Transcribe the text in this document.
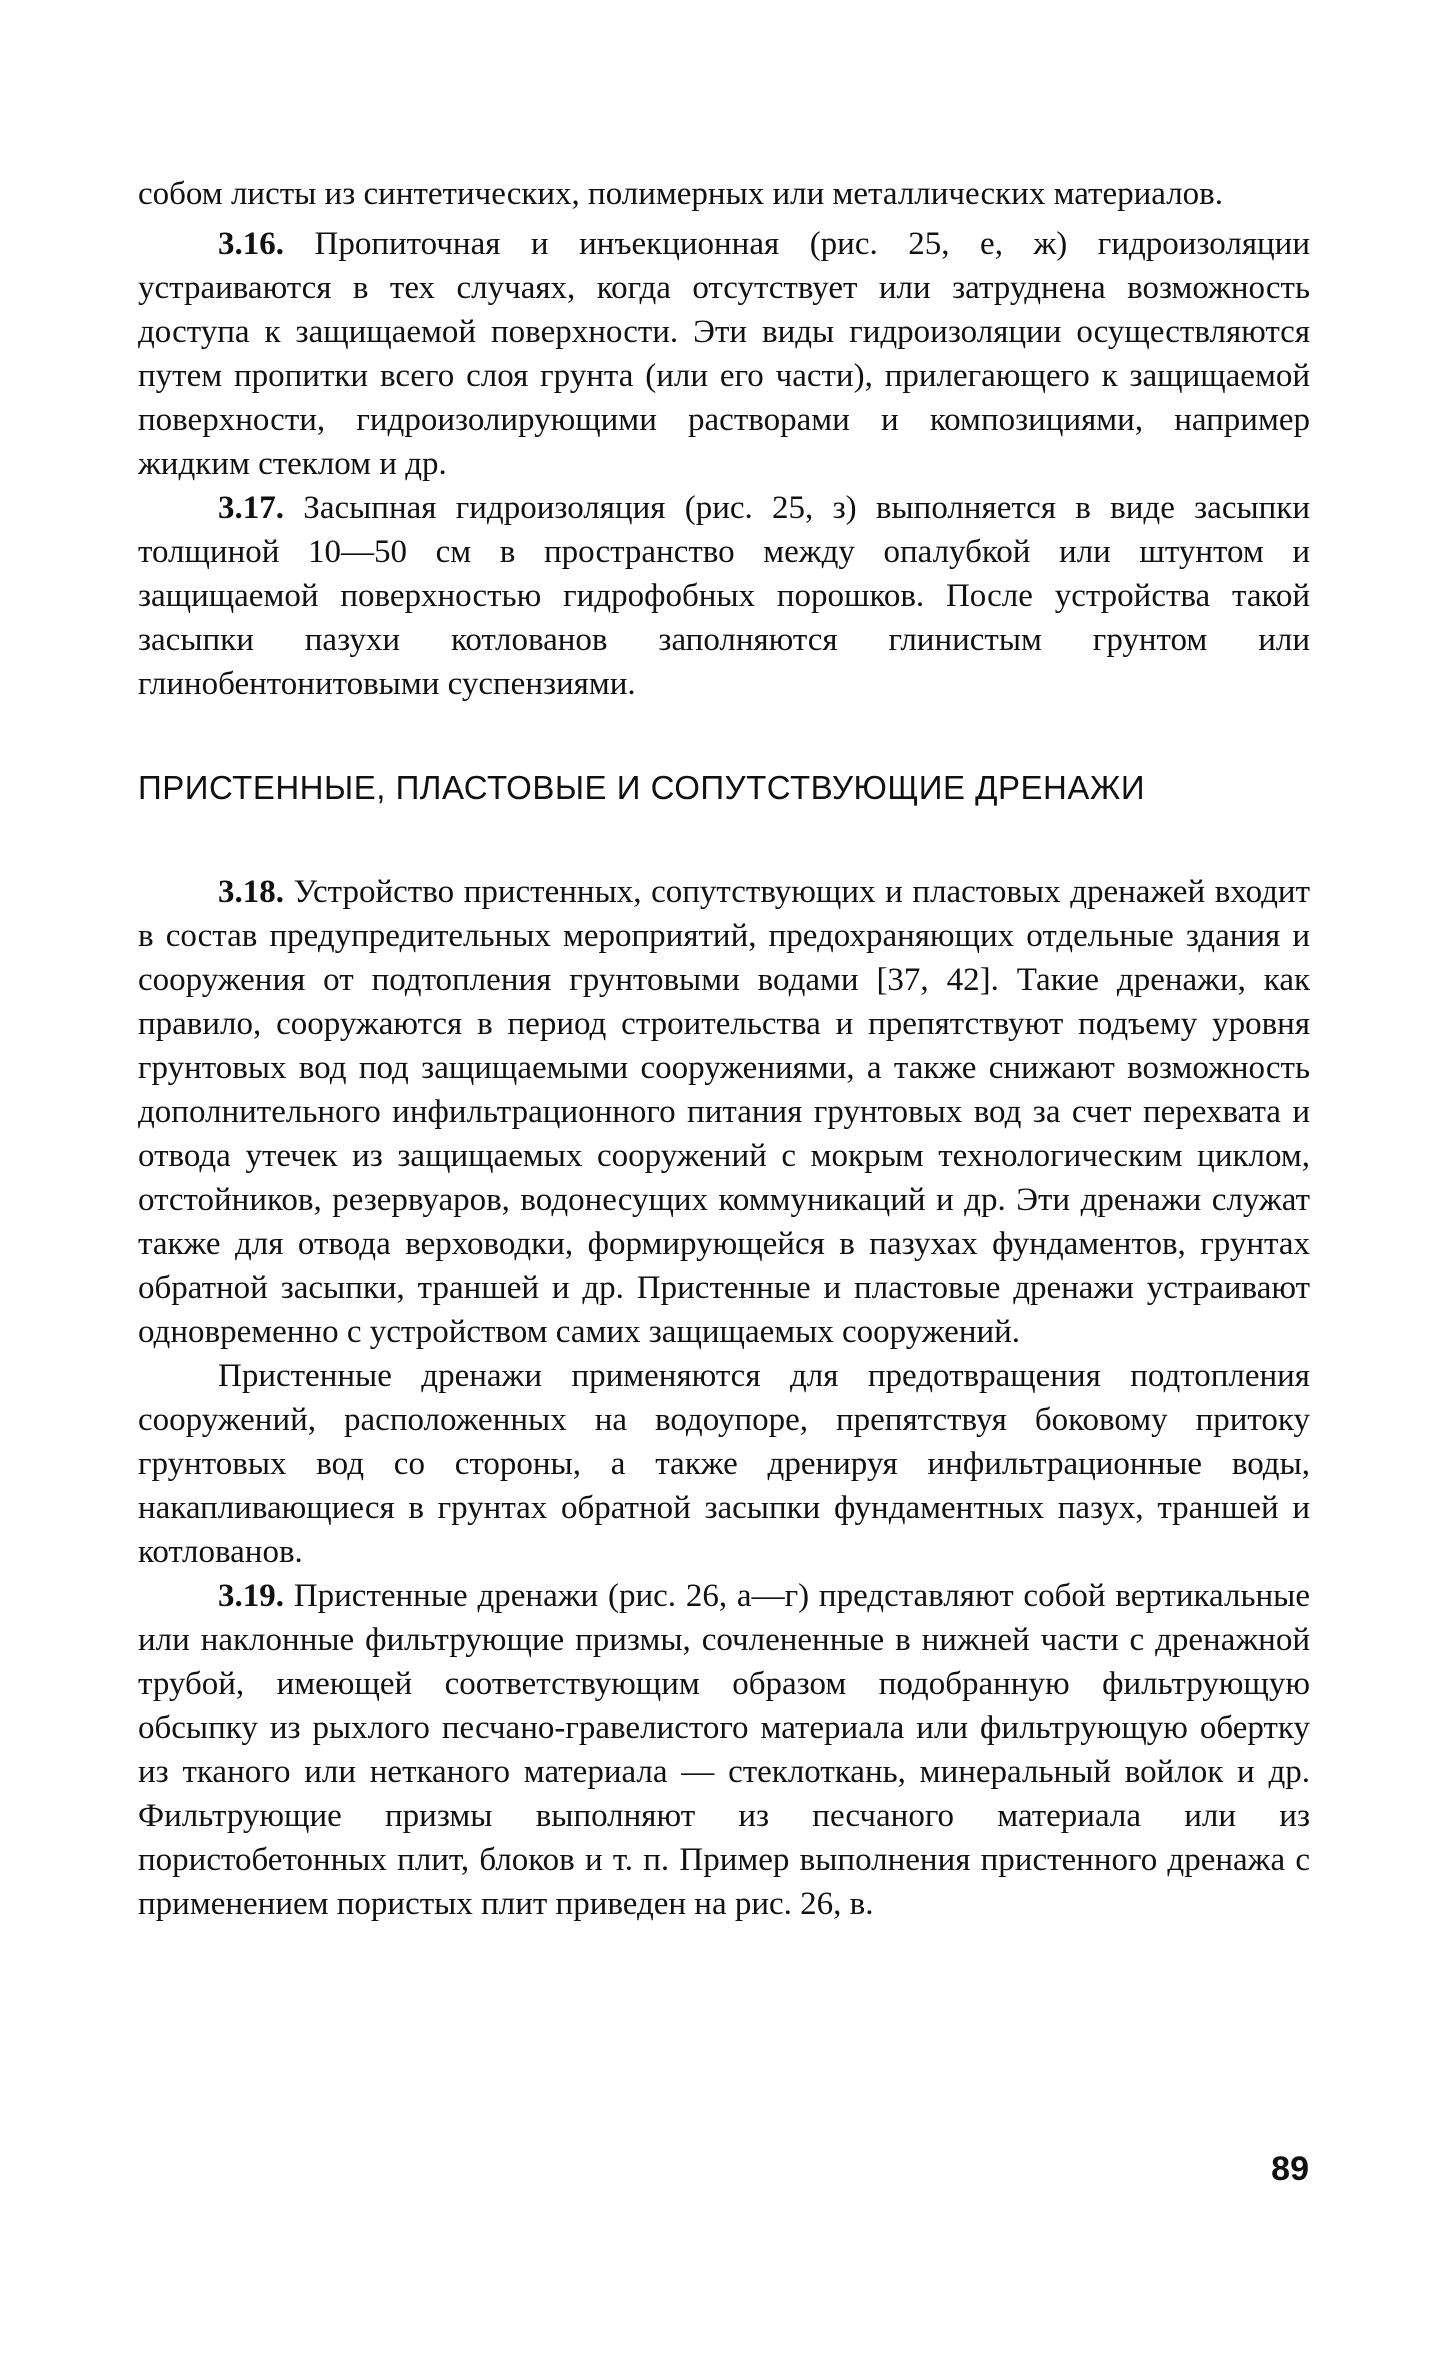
собом листы из синтетических, полимерных или металлических материалов.

3.16. Пропиточная и инъекционная (рис. 25, е, ж) гидроизоляции устраиваются в тех случаях, когда отсутствует или затруднена возможность доступа к защищаемой поверхности. Эти виды гидроизоляции осуществляются путем пропитки всего слоя грунта (или его части), прилегающего к защищаемой поверхности, гидроизолирующими растворами и композициями, например жидким стеклом и др.

3.17. Засыпная гидроизоляция (рис. 25, з) выполняется в виде засыпки толщиной 10—50 см в пространство между опалубкой или штунтом и защищаемой поверхностью гидрофобных порошков. После устройства такой засыпки пазухи котлованов заполняются глинистым грунтом или глинобентонитовыми суспензиями.

ПРИСТЕННЫЕ, ПЛАСТОВЫЕ И СОПУТСТВУЮЩИЕ ДРЕНАЖИ

3.18. Устройство пристенных, сопутствующих и пластовых дренажей входит в состав предупредительных мероприятий, предохраняющих отдельные здания и сооружения от подтопления грунтовыми водами [37, 42]. Такие дренажи, как правило, сооружаются в период строительства и препятствуют подъему уровня грунтовых вод под защищаемыми сооружениями, а также снижают возможность дополнительного инфильтрационного питания грунтовых вод за счет перехвата и отвода утечек из защищаемых сооружений с мокрым технологическим циклом, отстойников, резервуаров, водонесущих коммуникаций и др. Эти дренажи служат также для отвода верховодки, формирующейся в пазухах фундаментов, грунтах обратной засыпки, траншей и др. Пристенные и пластовые дренажи устраивают одновременно с устройством самих защищаемых сооружений.

Пристенные дренажи применяются для предотвращения подтопления сооружений, расположенных на водоупоре, препятствуя боковому притоку грунтовых вод со стороны, а также дренируя инфильтрационные воды, накапливающиеся в грунтах обратной засыпки фундаментных пазух, траншей и котлованов.

3.19. Пристенные дренажи (рис. 26, а—г) представляют собой вертикальные или наклонные фильтрующие призмы, сочлененные в нижней части с дренажной трубой, имеющей соответствующим образом подобранную фильтрующую обсыпку из рыхлого песчано-гравелистого материала или фильтрующую обертку из тканого или нетканого материала — стеклоткань, минеральный войлок и др. Фильтрующие призмы выполняют из песчаного материала или из пористобетонных плит, блоков и т. п. Пример выполнения пристенного дренажа с применением пористых плит приведен на рис. 26, в.

89
